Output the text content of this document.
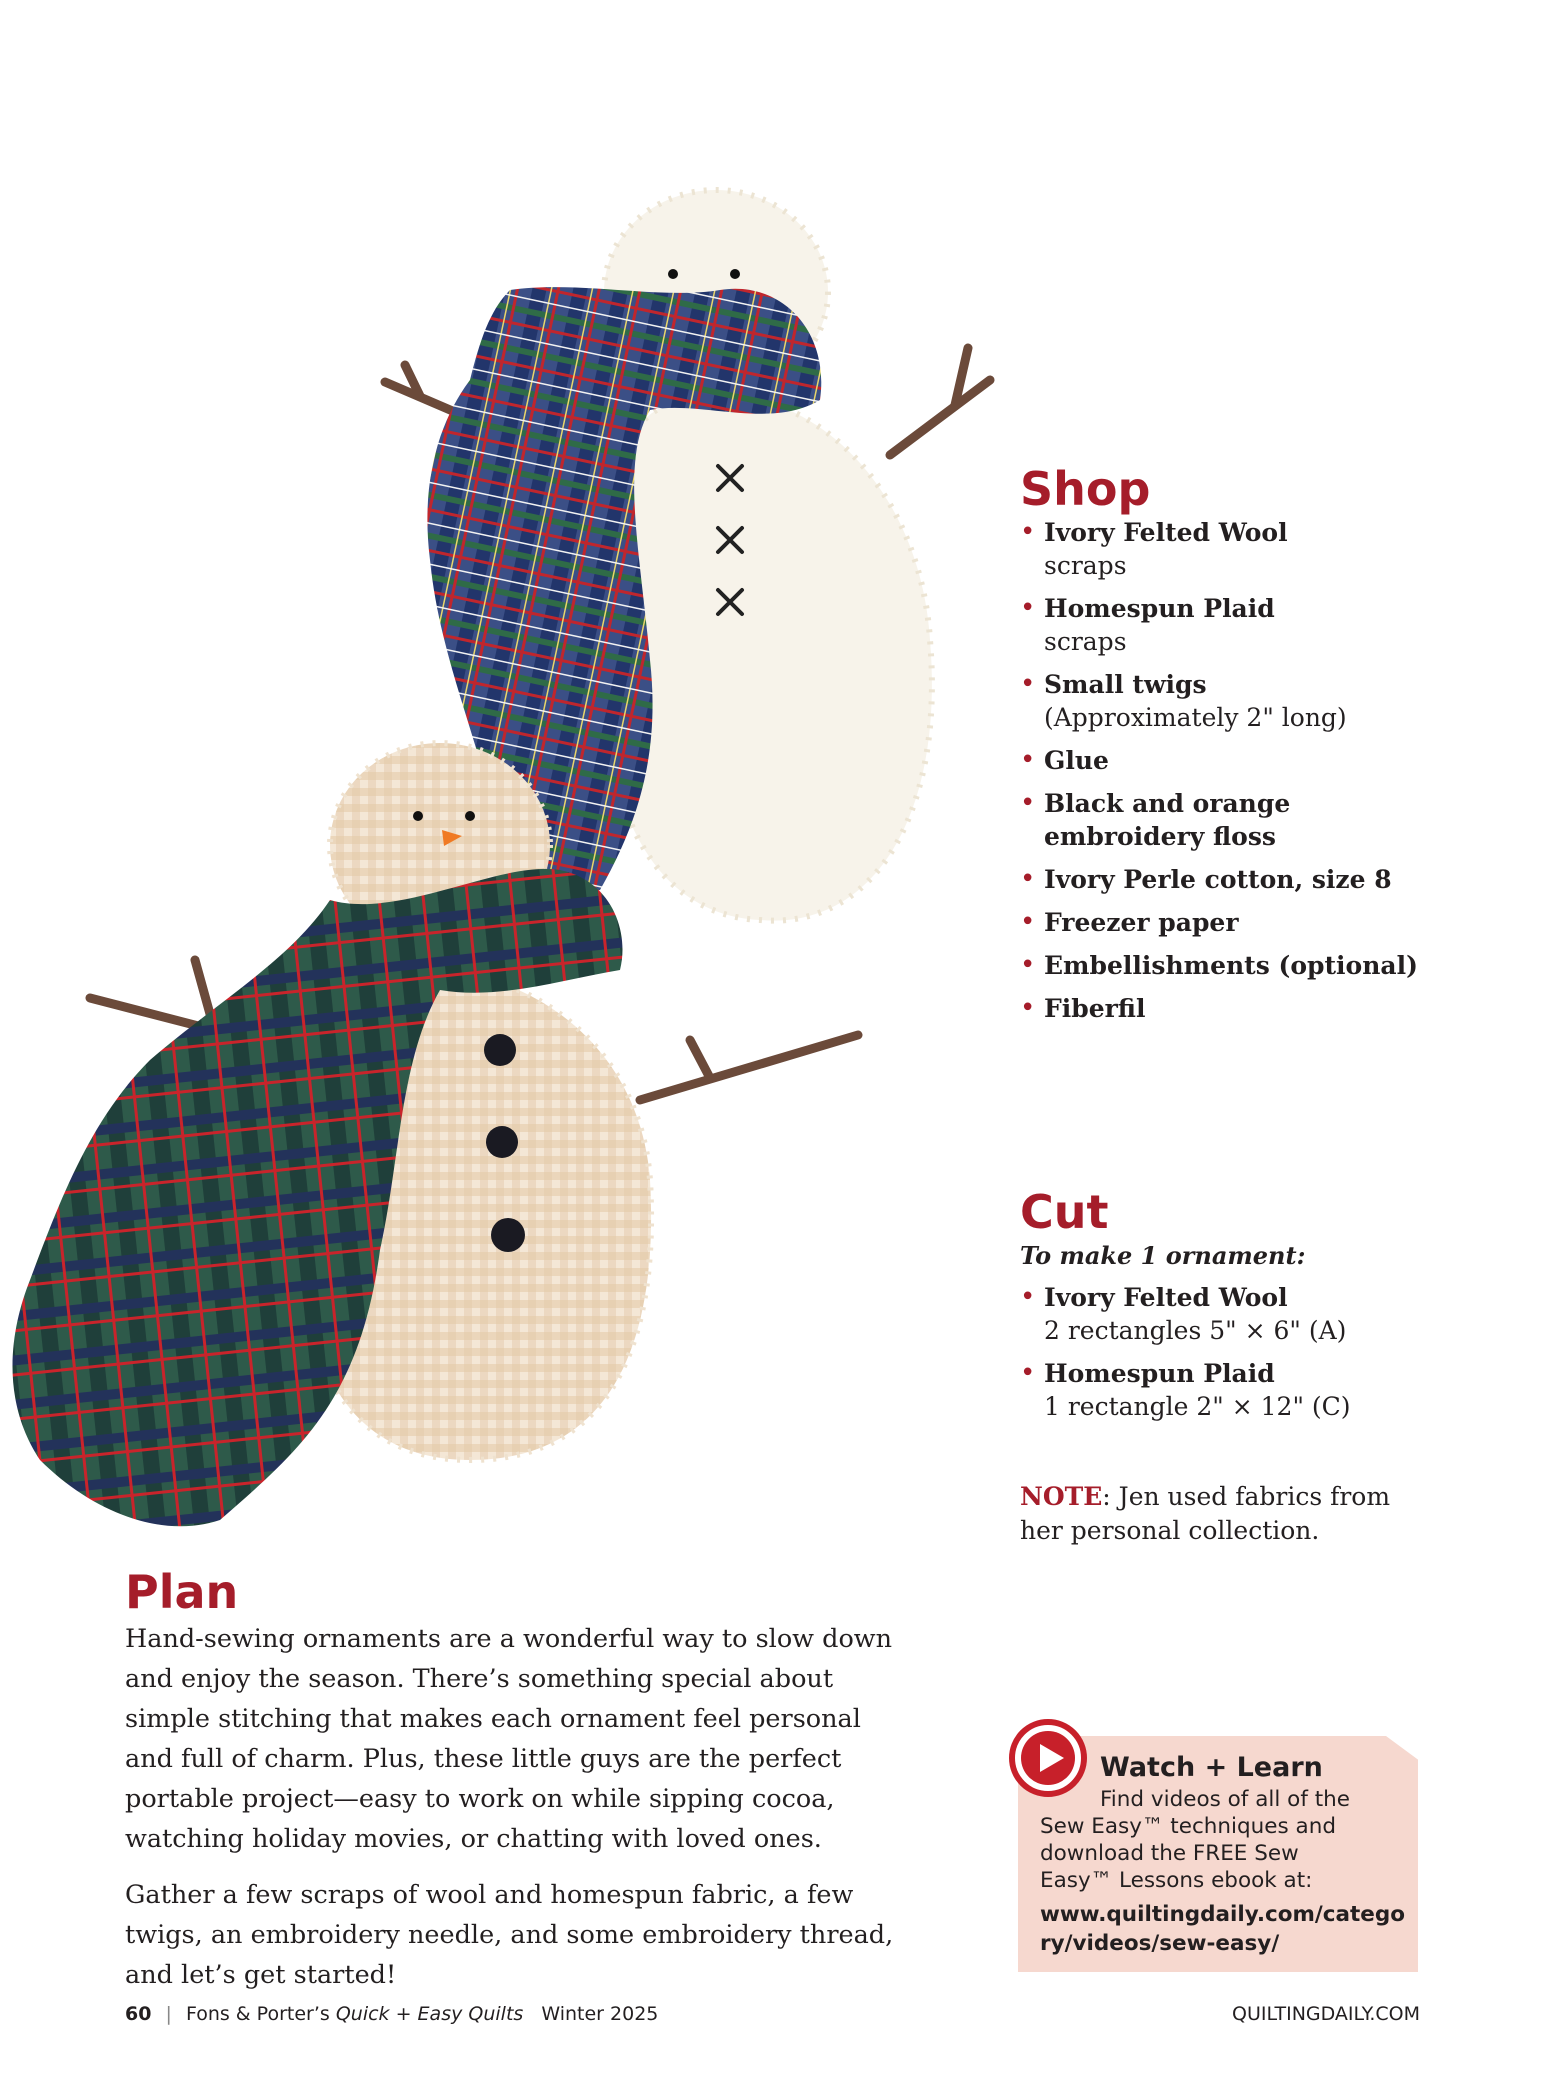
Shop
• Ivory Felted Wool
scraps
• Homespun Plaid
scraps
• Small twigs
(Approximately 2" long)
• Glue
• Black and orange embroidery floss
• Ivory Perle cotton, size 8
• Freezer paper
• Embellishments (optional)
• Fiberfil
Cut
To make 1 ornament:
• Ivory Felted Wool
2 rectangles 5" × 6" (A)
• Homespun Plaid
1 rectangle 2" × 12" (C)
NOTE: Jen used fabrics from her personal collection.
Plan

Hand-sewing ornaments are a wonderful way to slow down and enjoy the season. There’s something special about simple stitching that makes each ornament feel personal and full of charm. Plus, these little guys are the perfect portable project—easy to work on while sipping cocoa, watching holiday movies, or chatting with loved ones.

Gather a few scraps of wool and homespun fabric, a few twigs, an embroidery needle, and some embroidery thread, and let’s get started!

Watch + Learn
Find videos of all of the
Sew Easy™ techniques and download the FREE Sew Easy™ Lessons ebook at:
www.quiltingdaily.com/category/videos/sew-easy/
60 | Fons & Porter’s Quick + Easy Quilts Winter 2025	QUILTINGDAILY.COM
